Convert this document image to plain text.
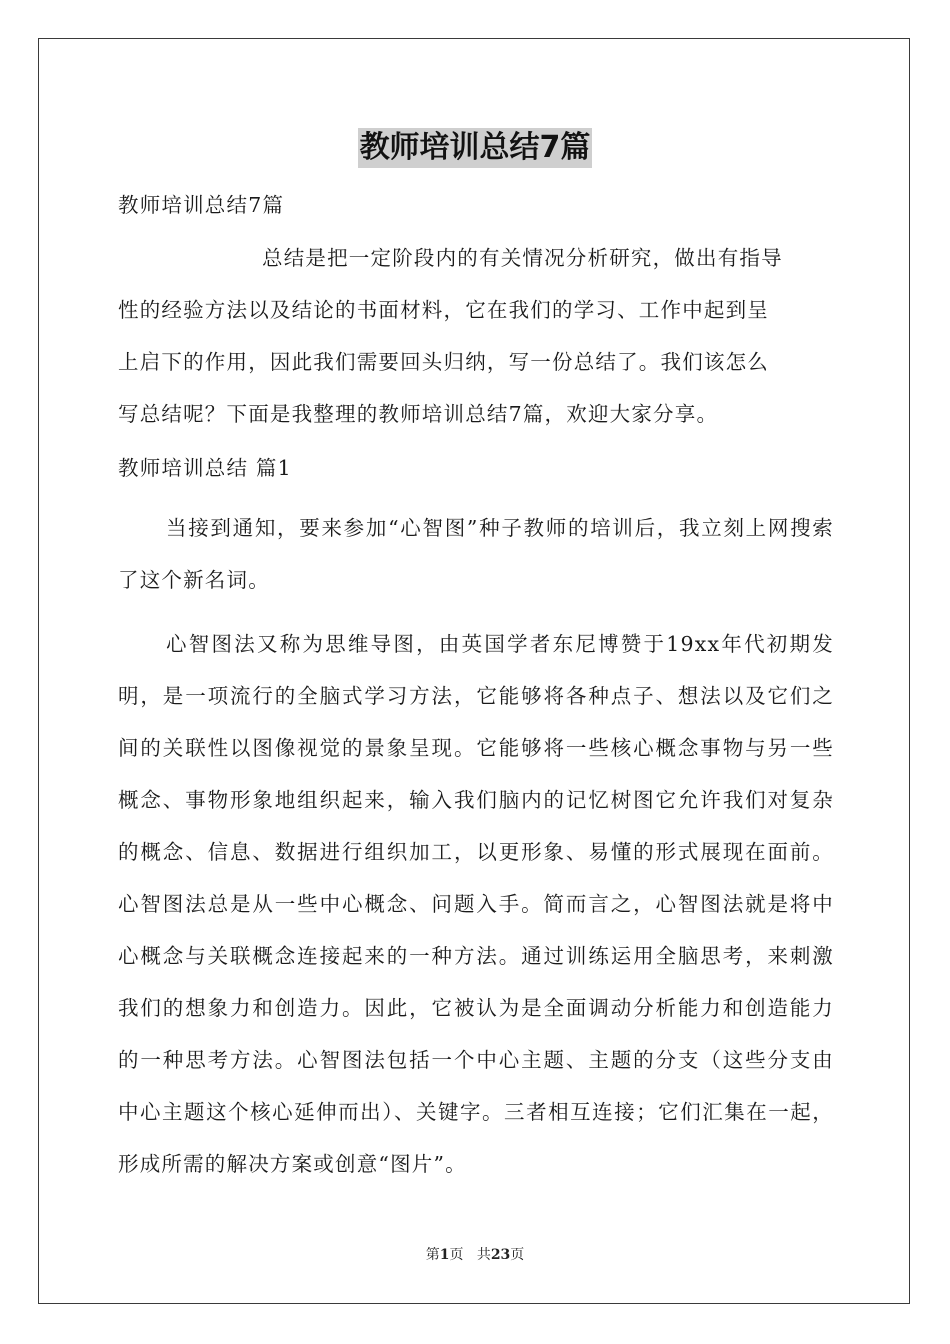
教师培训总结7篇
教师培训总结7篇
总结是把一定阶段内的有关情况分析研究，做出有指导
性的经验方法以及结论的书面材料，它在我们的学习、工作中起到呈
上启下的作用，因此我们需要回头归纳，写一份总结了。我们该怎么
写总结呢？下面是我整理的教师培训总结7篇，欢迎大家分享。
教师培训总结 篇1

当接到通知，要来参加“心智图”种子教师的培训后，我立刻上网搜索了这个新名词。

心智图法又称为思维导图，由英国学者东尼博赞于19xx年代初期发明，是一项流行的全脑式学习方法，它能够将各种点子、想法以及它们之间的关联性以图像视觉的景象呈现。它能够将一些核心概念事物与另一些概念、事物形象地组织起来，输入我们脑内的记忆树图它允许我们对复杂的概念、信息、数据进行组织加工，以更形象、易懂的形式展现在面前。心智图法总是从一些中心概念、问题入手。简而言之，心智图法就是将中心概念与关联概念连接起来的一种方法。通过训练运用全脑思考，来刺激我们的想象力和创造力。因此，它被认为是全面调动分析能力和创造能力的一种思考方法。心智图法包括一个中心主题、主题的分支（这些分支由中心主题这个核心延伸而出）、关键字。三者相互连接；它们汇集在一起，形成所需的解决方案或创意“图片”。

第1页 共23页
